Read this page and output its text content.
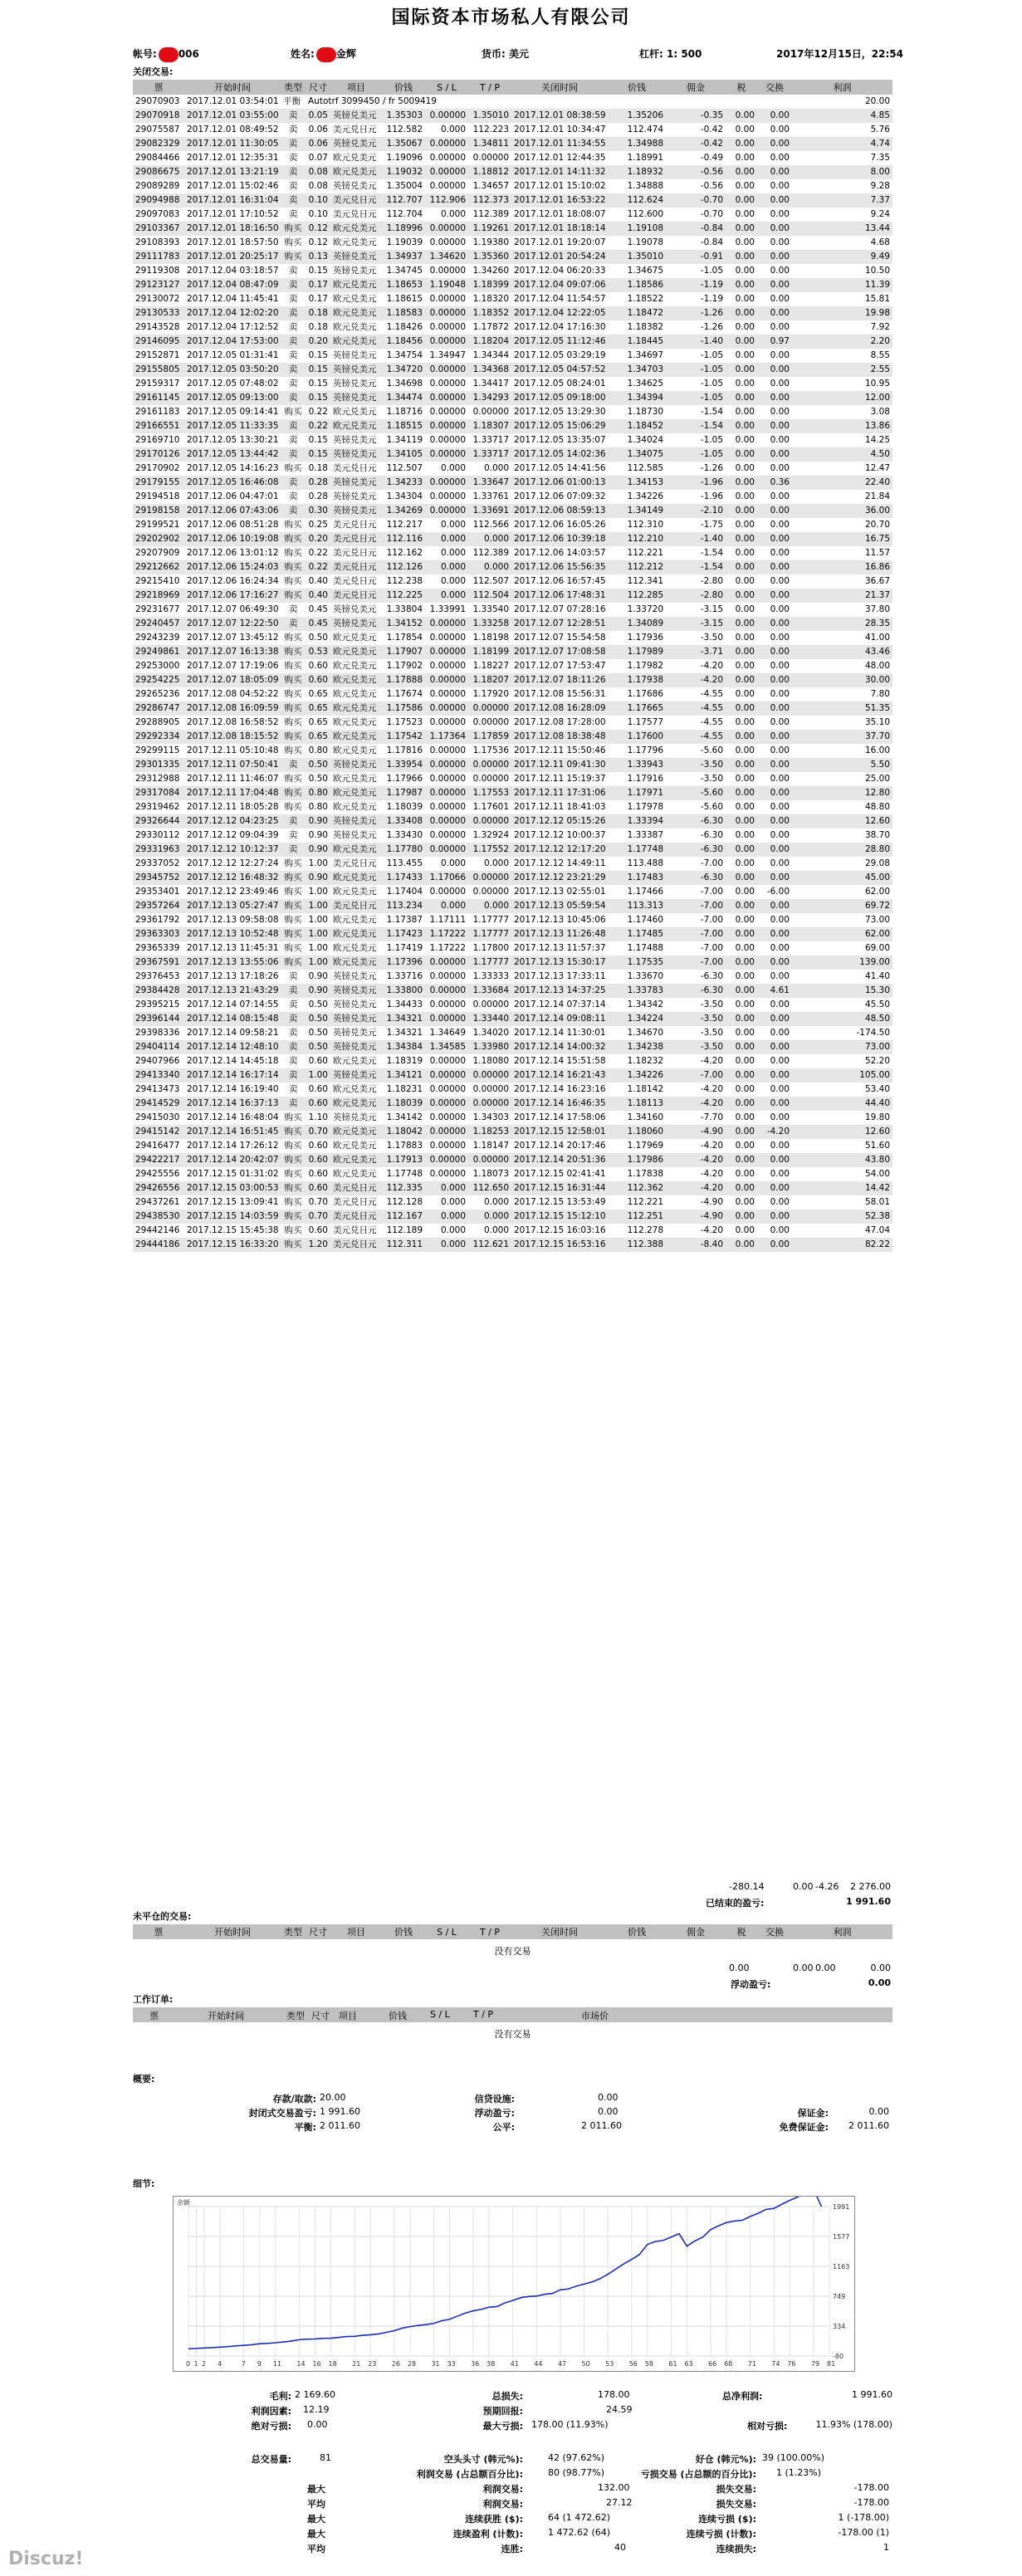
国际资本市场私人有限公司
帐号: 006	姓名: 金辉	货币: 美元	杠杆: 1: 500	2017年12月15日，22:54
关闭交易:
票	开始时间	类型	尺寸	项目	价钱	S / L	T / P	关闭时间	价钱	佣金	税	交换	利润
29070903	2017.12.01 03:54:01	平衡	Autotrf 3099450 / fr 5009419										20.00
29070918	2017.12.01 03:55:00	卖	0.05	英镑兑美元	1.35303	0.00000	1.35010	2017.12.01 08:38:59	1.35206	-0.35	0.00	0.00	4.85
29075587	2017.12.01 08:49:52	卖	0.06	美元兑日元	112.582	0.000	112.223	2017.12.01 10:34:47	112.474	-0.42	0.00	0.00	5.76
29082329	2017.12.01 11:30:05	卖	0.06	英镑兑美元	1.35067	0.00000	1.34811	2017.12.01 11:34:55	1.34988	-0.42	0.00	0.00	4.74
29084466	2017.12.01 12:35:31	卖	0.07	欧元兑美元	1.19096	0.00000	0.00000	2017.12.01 12:44:35	1.18991	-0.49	0.00	0.00	7.35
29086675	2017.12.01 13:21:19	卖	0.08	欧元兑美元	1.19032	0.00000	1.18812	2017.12.01 14:11:32	1.18932	-0.56	0.00	0.00	8.00
29089289	2017.12.01 15:02:46	卖	0.08	英镑兑美元	1.35004	0.00000	1.34657	2017.12.01 15:10:02	1.34888	-0.56	0.00	0.00	9.28
29094988	2017.12.01 16:31:04	卖	0.10	美元兑日元	112.707	112.906	112.373	2017.12.01 16:53:22	112.624	-0.70	0.00	0.00	7.37
29097083	2017.12.01 17:10:52	卖	0.10	美元兑日元	112.704	0.000	112.389	2017.12.01 18:08:07	112.600	-0.70	0.00	0.00	9.24
29103367	2017.12.01 18:16:50	购买	0.12	欧元兑美元	1.18996	0.00000	1.19261	2017.12.01 18:18:14	1.19108	-0.84	0.00	0.00	13.44
29108393	2017.12.01 18:57:50	购买	0.12	欧元兑美元	1.19039	0.00000	1.19380	2017.12.01 19:20:07	1.19078	-0.84	0.00	0.00	4.68
29111783	2017.12.01 20:25:17	购买	0.13	英镑兑美元	1.34937	1.34620	1.35360	2017.12.01 20:54:24	1.35010	-0.91	0.00	0.00	9.49
29119308	2017.12.04 03:18:57	卖	0.15	英镑兑美元	1.34745	0.00000	1.34260	2017.12.04 06:20:33	1.34675	-1.05	0.00	0.00	10.50
29123127	2017.12.04 08:47:09	卖	0.17	欧元兑美元	1.18653	1.19048	1.18399	2017.12.04 09:07:06	1.18586	-1.19	0.00	0.00	11.39
29130072	2017.12.04 11:45:41	卖	0.17	欧元兑美元	1.18615	0.00000	1.18320	2017.12.04 11:54:57	1.18522	-1.19	0.00	0.00	15.81
29130533	2017.12.04 12:02:20	卖	0.18	欧元兑美元	1.18583	0.00000	1.18352	2017.12.04 12:22:05	1.18472	-1.26	0.00	0.00	19.98
29143528	2017.12.04 17:12:52	卖	0.18	欧元兑美元	1.18426	0.00000	1.17872	2017.12.04 17:16:30	1.18382	-1.26	0.00	0.00	7.92
29146095	2017.12.04 17:53:00	卖	0.20	欧元兑美元	1.18456	0.00000	1.18204	2017.12.05 11:12:46	1.18445	-1.40	0.00	0.97	2.20
29152871	2017.12.05 01:31:41	卖	0.15	英镑兑美元	1.34754	1.34947	1.34344	2017.12.05 03:29:19	1.34697	-1.05	0.00	0.00	8.55
29155805	2017.12.05 03:50:20	卖	0.15	英镑兑美元	1.34720	0.00000	1.34368	2017.12.05 04:57:52	1.34703	-1.05	0.00	0.00	2.55
29159317	2017.12.05 07:48:02	卖	0.15	英镑兑美元	1.34698	0.00000	1.34417	2017.12.05 08:24:01	1.34625	-1.05	0.00	0.00	10.95
29161145	2017.12.05 09:13:00	卖	0.15	英镑兑美元	1.34474	0.00000	1.34293	2017.12.05 09:18:00	1.34394	-1.05	0.00	0.00	12.00
29161183	2017.12.05 09:14:41	购买	0.22	欧元兑美元	1.18716	0.00000	0.00000	2017.12.05 13:29:30	1.18730	-1.54	0.00	0.00	3.08
29166551	2017.12.05 11:33:35	卖	0.22	欧元兑美元	1.18515	0.00000	1.18307	2017.12.05 15:06:29	1.18452	-1.54	0.00	0.00	13.86
29169710	2017.12.05 13:30:21	卖	0.15	英镑兑美元	1.34119	0.00000	1.33717	2017.12.05 13:35:07	1.34024	-1.05	0.00	0.00	14.25
29170126	2017.12.05 13:44:42	卖	0.15	英镑兑美元	1.34105	0.00000	1.33717	2017.12.05 14:02:36	1.34075	-1.05	0.00	0.00	4.50
29170902	2017.12.05 14:16:23	购买	0.18	美元兑日元	112.507	0.000	0.000	2017.12.05 14:41:56	112.585	-1.26	0.00	0.00	12.47
29179155	2017.12.05 16:46:08	卖	0.28	英镑兑美元	1.34233	0.00000	1.33647	2017.12.06 01:00:13	1.34153	-1.96	0.00	0.36	22.40
29194518	2017.12.06 04:47:01	卖	0.28	英镑兑美元	1.34304	0.00000	1.33761	2017.12.06 07:09:32	1.34226	-1.96	0.00	0.00	21.84
29198158	2017.12.06 07:43:06	卖	0.30	英镑兑美元	1.34269	0.00000	1.33691	2017.12.06 08:59:13	1.34149	-2.10	0.00	0.00	36.00
29199521	2017.12.06 08:51:28	购买	0.25	美元兑日元	112.217	0.000	112.566	2017.12.06 16:05:26	112.310	-1.75	0.00	0.00	20.70
29202902	2017.12.06 10:19:08	购买	0.20	美元兑日元	112.116	0.000	0.000	2017.12.06 10:39:18	112.210	-1.40	0.00	0.00	16.75
29207909	2017.12.06 13:01:12	购买	0.22	美元兑日元	112.162	0.000	112.389	2017.12.06 14:03:57	112.221	-1.54	0.00	0.00	11.57
29212662	2017.12.06 15:24:03	购买	0.22	美元兑日元	112.126	0.000	0.000	2017.12.06 15:56:35	112.212	-1.54	0.00	0.00	16.86
29215410	2017.12.06 16:24:34	购买	0.40	美元兑日元	112.238	0.000	112.507	2017.12.06 16:57:45	112.341	-2.80	0.00	0.00	36.67
29218969	2017.12.06 17:16:27	购买	0.40	美元兑日元	112.225	0.000	112.504	2017.12.06 17:48:31	112.285	-2.80	0.00	0.00	21.37
29231677	2017.12.07 06:49:30	卖	0.45	英镑兑美元	1.33804	1.33991	1.33540	2017.12.07 07:28:16	1.33720	-3.15	0.00	0.00	37.80
29240457	2017.12.07 12:22:50	卖	0.45	英镑兑美元	1.34152	0.00000	1.33258	2017.12.07 12:28:51	1.34089	-3.15	0.00	0.00	28.35
29243239	2017.12.07 13:45:12	购买	0.50	欧元兑美元	1.17854	0.00000	1.18198	2017.12.07 15:54:58	1.17936	-3.50	0.00	0.00	41.00
29249861	2017.12.07 16:13:38	购买	0.53	欧元兑美元	1.17907	0.00000	1.18199	2017.12.07 17:08:58	1.17989	-3.71	0.00	0.00	43.46
29253000	2017.12.07 17:19:06	购买	0.60	欧元兑美元	1.17902	0.00000	1.18227	2017.12.07 17:53:47	1.17982	-4.20	0.00	0.00	48.00
29254225	2017.12.07 18:05:09	购买	0.60	欧元兑美元	1.17888	0.00000	1.18207	2017.12.07 18:11:26	1.17938	-4.20	0.00	0.00	30.00
29265236	2017.12.08 04:52:22	购买	0.65	欧元兑美元	1.17674	0.00000	1.17920	2017.12.08 15:56:31	1.17686	-4.55	0.00	0.00	7.80
29286747	2017.12.08 16:09:59	购买	0.65	欧元兑美元	1.17586	0.00000	0.00000	2017.12.08 16:28:09	1.17665	-4.55	0.00	0.00	51.35
29288905	2017.12.08 16:58:52	购买	0.65	欧元兑美元	1.17523	0.00000	0.00000	2017.12.08 17:28:00	1.17577	-4.55	0.00	0.00	35.10
29292334	2017.12.08 18:15:52	购买	0.65	欧元兑美元	1.17542	1.17364	1.17859	2017.12.08 18:38:48	1.17600	-4.55	0.00	0.00	37.70
29299115	2017.12.11 05:10:48	购买	0.80	欧元兑美元	1.17816	0.00000	1.17536	2017.12.11 15:50:46	1.17796	-5.60	0.00	0.00	16.00
29301335	2017.12.11 07:50:41	卖	0.50	英镑兑美元	1.33954	0.00000	0.00000	2017.12.11 09:41:30	1.33943	-3.50	0.00	0.00	5.50
29312988	2017.12.11 11:46:07	购买	0.50	欧元兑美元	1.17966	0.00000	0.00000	2017.12.11 15:19:37	1.17916	-3.50	0.00	0.00	25.00
29317084	2017.12.11 17:04:48	购买	0.80	欧元兑美元	1.17987	0.00000	1.17553	2017.12.11 17:31:06	1.17971	-5.60	0.00	0.00	12.80
29319462	2017.12.11 18:05:28	购买	0.80	欧元兑美元	1.18039	0.00000	1.17601	2017.12.11 18:41:03	1.17978	-5.60	0.00	0.00	48.80
29326644	2017.12.12 04:23:25	卖	0.90	英镑兑美元	1.33408	0.00000	0.00000	2017.12.12 05:15:26	1.33394	-6.30	0.00	0.00	12.60
29330112	2017.12.12 09:04:39	卖	0.90	英镑兑美元	1.33430	0.00000	1.32924	2017.12.12 10:00:37	1.33387	-6.30	0.00	0.00	38.70
29331963	2017.12.12 10:12:37	卖	0.90	欧元兑美元	1.17780	0.00000	1.17552	2017.12.12 12:17:20	1.17748	-6.30	0.00	0.00	28.80
29337052	2017.12.12 12:27:24	购买	1.00	美元兑日元	113.455	0.000	0.000	2017.12.12 14:49:11	113.488	-7.00	0.00	0.00	29.08
29345752	2017.12.12 16:48:32	购买	0.90	欧元兑美元	1.17433	1.17066	0.00000	2017.12.12 23:21:29	1.17483	-6.30	0.00	0.00	45.00
29353401	2017.12.12 23:49:46	购买	1.00	欧元兑美元	1.17404	0.00000	0.00000	2017.12.13 02:55:01	1.17466	-7.00	0.00	-6.00	62.00
29357264	2017.12.13 05:27:47	购买	1.00	美元兑日元	113.234	0.000	0.000	2017.12.13 05:59:54	113.313	-7.00	0.00	0.00	69.72
29361792	2017.12.13 09:58:08	购买	1.00	欧元兑美元	1.17387	1.17111	1.17777	2017.12.13 10:45:06	1.17460	-7.00	0.00	0.00	73.00
29363303	2017.12.13 10:52:48	购买	1.00	欧元兑美元	1.17423	1.17222	1.17777	2017.12.13 11:26:48	1.17485	-7.00	0.00	0.00	62.00
29365339	2017.12.13 11:45:31	购买	1.00	欧元兑美元	1.17419	1.17222	1.17800	2017.12.13 11:57:37	1.17488	-7.00	0.00	0.00	69.00
29367591	2017.12.13 13:55:06	购买	1.00	欧元兑美元	1.17396	0.00000	1.17777	2017.12.13 15:30:17	1.17535	-7.00	0.00	0.00	139.00
29376453	2017.12.13 17:18:26	卖	0.90	英镑兑美元	1.33716	0.00000	1.33333	2017.12.13 17:33:11	1.33670	-6.30	0.00	0.00	41.40
29384428	2017.12.13 21:43:29	卖	0.90	英镑兑美元	1.33800	0.00000	1.33684	2017.12.13 14:37:25	1.33783	-6.30	0.00	4.61	15.30
29395215	2017.12.14 07:14:55	卖	0.50	英镑兑美元	1.34433	0.00000	0.00000	2017.12.14 07:37:14	1.34342	-3.50	0.00	0.00	45.50
29396144	2017.12.14 08:15:48	卖	0.50	英镑兑美元	1.34321	0.00000	1.33440	2017.12.14 09:08:11	1.34224	-3.50	0.00	0.00	48.50
29398336	2017.12.14 09:58:21	卖	0.50	英镑兑美元	1.34321	1.34649	1.34020	2017.12.14 11:30:01	1.34670	-3.50	0.00	0.00	-174.50
29404114	2017.12.14 12:48:10	卖	0.50	英镑兑美元	1.34384	1.34585	1.33980	2017.12.14 14:00:32	1.34238	-3.50	0.00	0.00	73.00
29407966	2017.12.14 14:45:18	卖	0.60	欧元兑美元	1.18319	0.00000	1.18080	2017.12.14 15:51:58	1.18232	-4.20	0.00	0.00	52.20
29413340	2017.12.14 16:17:14	卖	1.00	英镑兑美元	1.34121	0.00000	0.00000	2017.12.14 16:21:43	1.34226	-7.00	0.00	0.00	105.00
29413473	2017.12.14 16:19:40	卖	0.60	欧元兑美元	1.18231	0.00000	0.00000	2017.12.14 16:23:16	1.18142	-4.20	0.00	0.00	53.40
29414529	2017.12.14 16:37:13	卖	0.60	欧元兑美元	1.18039	0.00000	0.00000	2017.12.14 16:46:35	1.18113	-4.20	0.00	0.00	44.40
29415030	2017.12.14 16:48:04	购买	1.10	英镑兑美元	1.34142	0.00000	1.34303	2017.12.14 17:58:06	1.34160	-7.70	0.00	0.00	19.80
29415142	2017.12.14 16:51:45	购买	0.70	欧元兑美元	1.18042	0.00000	1.18253	2017.12.15 12:58:01	1.18060	-4.90	0.00	-4.20	12.60
29416477	2017.12.14 17:26:12	购买	0.60	欧元兑美元	1.17883	0.00000	1.18147	2017.12.14 20:17:46	1.17969	-4.20	0.00	0.00	51.60
29422217	2017.12.14 20:42:07	购买	0.60	欧元兑美元	1.17913	0.00000	0.00000	2017.12.14 20:51:36	1.17986	-4.20	0.00	0.00	43.80
29425556	2017.12.15 01:31:02	购买	0.60	欧元兑美元	1.17748	0.00000	1.18073	2017.12.15 02:41:41	1.17838	-4.20	0.00	0.00	54.00
29426556	2017.12.15 03:00:53	购买	0.60	美元兑日元	112.335	0.000	112.650	2017.12.15 16:31:44	112.362	-4.20	0.00	0.00	14.42
29437261	2017.12.15 13:09:41	购买	0.70	美元兑日元	112.128	0.000	0.000	2017.12.15 13:53:49	112.221	-4.90	0.00	0.00	58.01
29438530	2017.12.15 14:03:59	购买	0.70	美元兑日元	112.167	0.000	0.000	2017.12.15 15:12:10	112.251	-4.90	0.00	0.00	52.38
29442146	2017.12.15 15:45:38	购买	0.60	美元兑日元	112.189	0.000	0.000	2017.12.15 16:03:16	112.278	-4.20	0.00	0.00	47.04
29444186	2017.12.15 16:33:20	购买	1.20	美元兑日元	112.311	0.000	112.621	2017.12.15 16:53:16	112.388	-8.40	0.00	0.00	82.22
-280.14	0.00 -4.26 2 276.00
已结束的盈亏:	1 991.60
未平仓的交易:
票	开始时间	类型	尺寸	项目	价钱	S / L	T / P	关闭时间	价钱	佣金	税	交换	利润
没有交易
0.00	0.00 0.00	0.00
浮动盈亏:	0.00
工作订单:
票	开始时间	类型 尺寸 项目	价钱	S / L	T / P	市场价
没有交易
概要:
存款/取款: 20.00	信贷设施:	0.00
封闭式交易盈亏: 1 991.60	浮动盈亏:	0.00	保证金:	0.00
平衡: 2 011.60	公平:	2 011.60	免费保证金: 2 011.60
细节:
1991
1577
1163
749
334
-80
0 1 2 4	7 9 11 14 16 18 21 23 26 28 31 33 36 38 41 44 47 50 53 56 58 61 63 66 68 71 74 76 79 81
余额
毛利: 2 169.60	总损失:	178.00	总净利润:	1 991.60
利润因素: 12.19	预期回报:	24.59
绝对亏损: 0.00	最大亏损: 178.00 (11.93%)	相对亏损:	11.93% (178.00)
总交易量:	81	空头头寸 (韩元%):	42 (97.62%)	好仓 (韩元%): 39 (100.00%)
利润交易 (占总额百分比):	80 (98.77%)	亏损交易 (占总额的百分比): 1 (1.23%)
最大	利润交易:	132.00	损失交易:	-178.00
平均	利润交易:	27.12	损失交易:	-178.00
最大	连续获胜 ($):	64 (1 472.62)	连续亏损 ($):	1 (-178.00)
最大	连续盈利 (计数):	1 472.62 (64)	连续亏损 (计数):	-178.00 (1)
平均	连胜:	40	连续损失:	1
Discuz!
